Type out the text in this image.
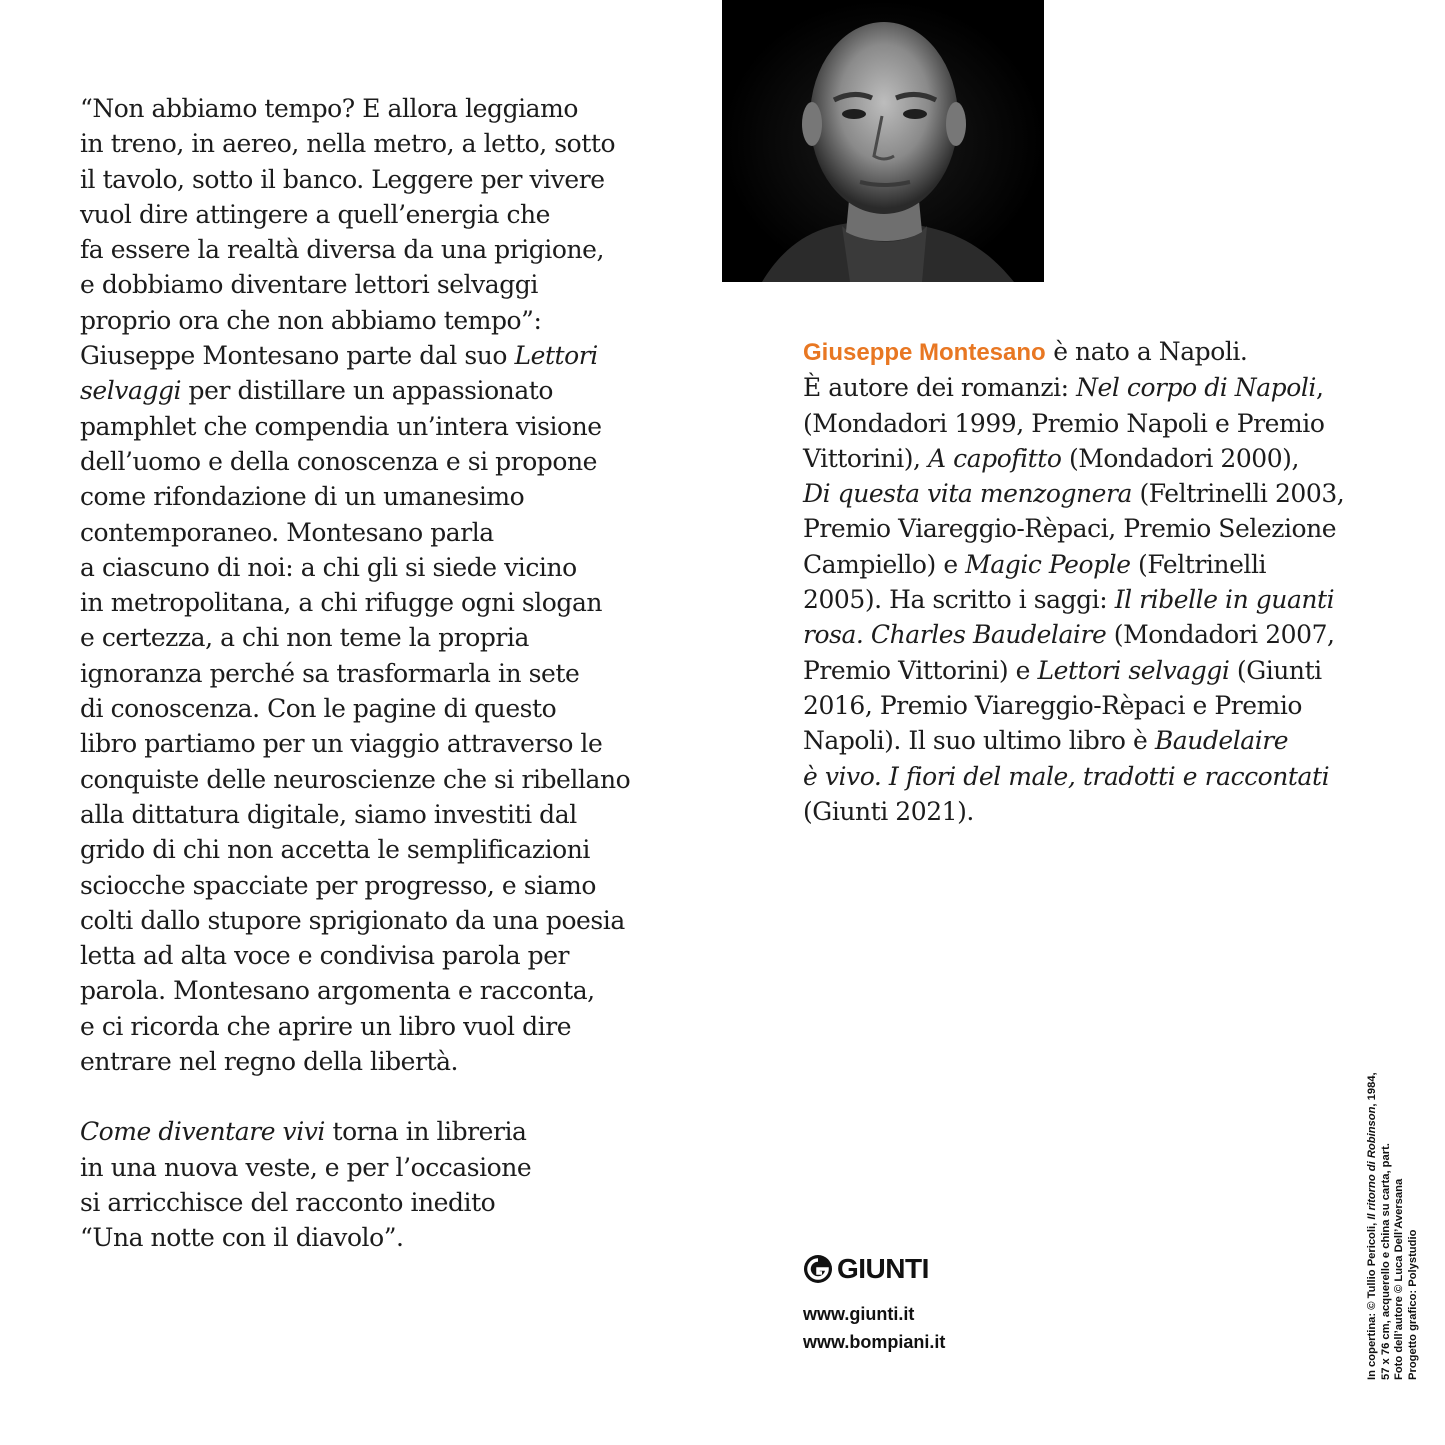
“Non abbiamo tempo? E allora leggiamo
in treno, in aereo, nella metro, a letto, sotto
il tavolo, sotto il banco. Leggere per vivere
vuol dire attingere a quell’energia che
fa essere la realtà diversa da una prigione,
e dobbiamo diventare lettori selvaggi
proprio ora che non abbiamo tempo”:
Giuseppe Montesano parte dal suo Lettori
selvaggi per distillare un appassionato
pamphlet che compendia un’intera visione
dell’uomo e della conoscenza e si propone
come rifondazione di un umanesimo
contemporaneo. Montesano parla
a ciascuno di noi: a chi gli si siede vicino
in metropolitana, a chi rifugge ogni slogan
e certezza, a chi non teme la propria
ignoranza perché sa trasformarla in sete
di conoscenza. Con le pagine di questo
libro partiamo per un viaggio attraverso le
conquiste delle neuroscienze che si ribellano
alla dittatura digitale, siamo investiti dal
grido di chi non accetta le semplificazioni
sciocche spacciate per progresso, e siamo
colti dallo stupore sprigionato da una poesia
letta ad alta voce e condivisa parola per
parola. Montesano argomenta e racconta,
e ci ricorda che aprire un libro vuol dire
entrare nel regno della libertà.
Come diventare vivi torna in libreria
in una nuova veste, e per l’occasione
si arricchisce del racconto inedito
“Una notte con il diavolo”.
Giuseppe Montesano è nato a Napoli.
È autore dei romanzi: Nel corpo di Napoli,
(Mondadori 1999, Premio Napoli e Premio
Vittorini), A capofitto (Mondadori 2000),
Di questa vita menzognera (Feltrinelli 2003,
Premio Viareggio-Rèpaci, Premio Selezione
Campiello) e Magic People (Feltrinelli
2005). Ha scritto i saggi: Il ribelle in guanti
rosa. Charles Baudelaire (Mondadori 2007,
Premio Vittorini) e Lettori selvaggi (Giunti
2016, Premio Viareggio-Rèpaci e Premio
Napoli). Il suo ultimo libro è Baudelaire
è vivo. I fiori del male, tradotti e raccontati
(Giunti 2021).
GIUNTI
www.giunti.it
www.bompiani.it	In copertina: © Tullio Pericoli, Il ritorno di Robinson, 1984,
57 x 76 cm, acquerello e china su carta, part. Foto dell’autore © Luca Dell’Aversana Progetto grafico: Polystudio
